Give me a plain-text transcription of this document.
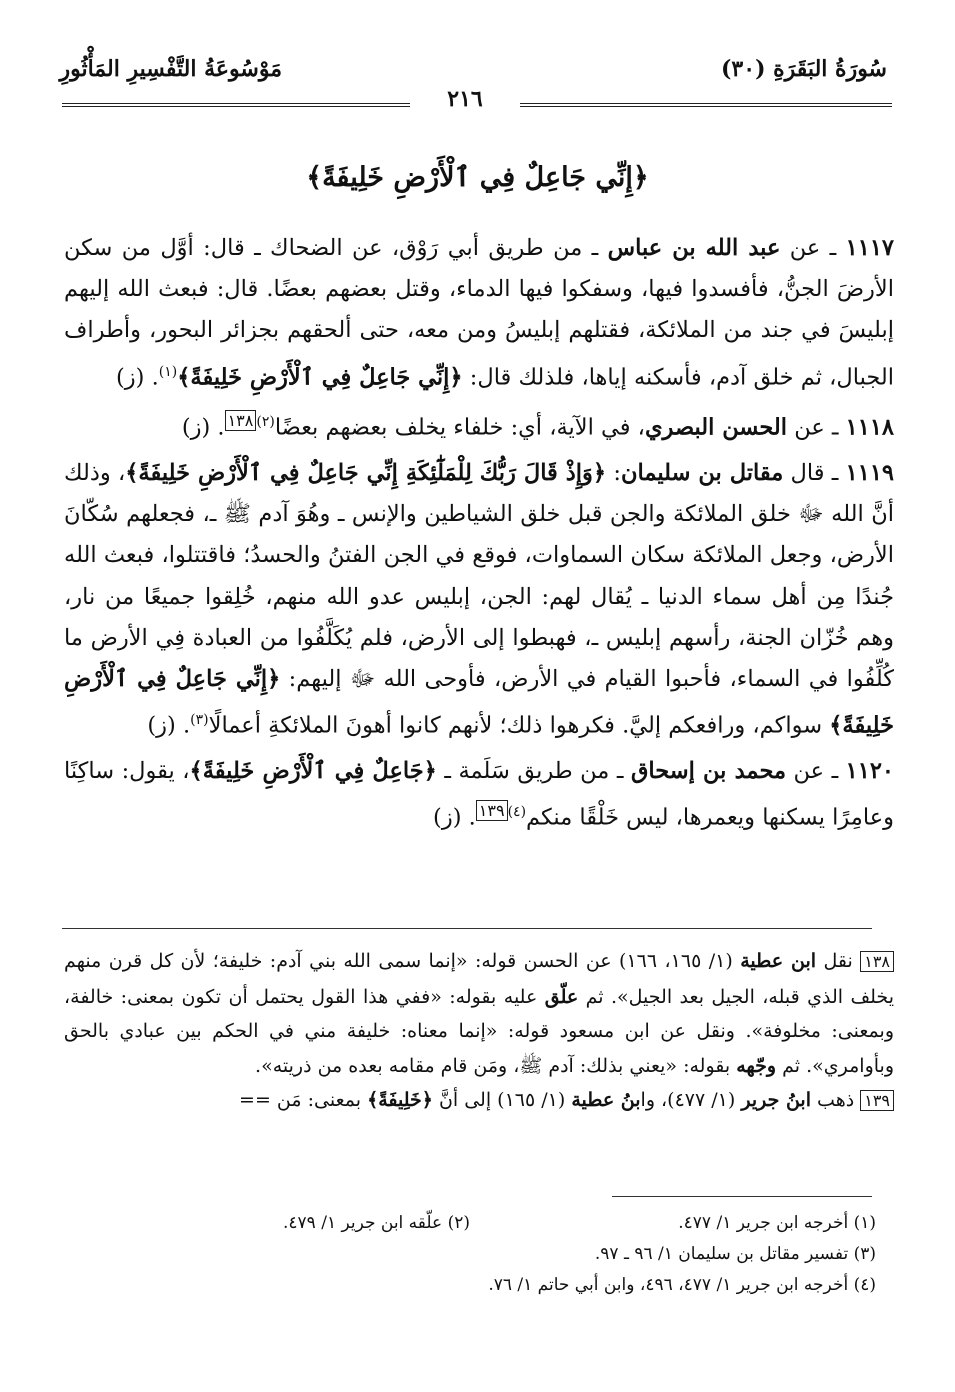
سُورَةُ البَقَرَةِ (٣٠)
مَوْسُوعَةُ التَّفْسِيرِ المَأْثُورِ
٢١٦
﴿إِنِّي جَاعِلٌ فِي ٱلْأَرْضِ خَلِيفَةً﴾

١١١٧ ـ عن عبد الله بن عباس ـ من طريق أبي رَوْق، عن الضحاك ـ قال: أوَّل من سكن الأرضَ الجنُّ، فأفسدوا فيها، وسفكوا فيها الدماء، وقتل بعضهم بعضًا. قال: فبعث الله إليهم إبليسَ في جند من الملائكة، فقتلهم إبليسُ ومن معه، حتى ألحقهم بجزائر البحور، وأطراف الجبال، ثم خلق آدم، فأسكنه إياها، فلذلك قال: ﴿إِنِّي جَاعِلٌ فِي ٱلْأَرْضِ خَلِيفَةً﴾$^{(١)}$. (ز)

١١١٨ ـ عن الحسن البصري، في الآية، أي: خلفاء يخلف بعضهم بعضًا$^{(٢)١٣٨}$. (ز)

١١١٩ ـ قال مقاتل بن سليمان: ﴿وَإِذْ قَالَ رَبُّكَ لِلْمَلَٰٓئِكَةِ إِنِّي جَاعِلٌ فِي ٱلْأَرْضِ خَلِيفَةً﴾، وذلك أنَّ الله ﷻ خلق الملائكة والجن قبل خلق الشياطين والإنس ـ وهُوَ آدم ﷺ ـ، فجعلهم سُكّانَ الأرض، وجعل الملائكة سكان السماوات، فوقع في الجن الفتنُ والحسدُ؛ فاقتتلوا، فبعث الله جُندًا مِن أهل سماء الدنيا ـ يُقال لهم: الجن، إبليس عدو الله منهم، خُلِقوا جميعًا من نار، وهم خُزّان الجنة، رأسهم إبليس ـ، فهبطوا إلى الأرض، فلم يُكَلَّفُوا من العبادة فِي الأرض ما كُلِّفُوا في السماء، فأحبوا القيام في الأرض، فأوحى الله ﷻ إليهم: ﴿إِنِّي جَاعِلٌ فِي ٱلْأَرْضِ خَلِيفَةً﴾ سواكم، ورافعكم إليَّ. فكرهوا ذلك؛ لأنهم كانوا أهونَ الملائكةِ أعمالًا$^{(٣)}$. (ز)

١١٢٠ ـ عن محمد بن إسحاق ـ من طريق سَلَمة ـ ﴿جَاعِلٌ فِي ٱلْأَرْضِ خَلِيفَةً﴾، يقول: ساكِنًا وعامِرًا يسكنها ويعمرها، ليس خَلْقًا منكم$^{(٤)١٣٩}$. (ز)

١٣٨ نقل ابن عطية (١/ ١٦٥، ١٦٦) عن الحسن قوله: «إنما سمى الله بني آدم: خليفة؛ لأن كل قرن منهم يخلف الذي قبله، الجيل بعد الجيل». ثم علّق عليه بقوله: «ففي هذا القول يحتمل أن تكون بمعنى: خالفة، وبمعنى: مخلوفة». ونقل عن ابن مسعود قوله: «إنما معناه: خليفة مني في الحكم بين عبادي بالحق وبأوامري». ثم وجّهه بقوله: «يعني بذلك: آدم ﷺ، ومَن قام مقامه بعده من ذريته».

١٣٩ ذهب ابنُ جرير (١/ ٤٧٧)، وابنُ عطية (١/ ١٦٥) إلى أنَّ ﴿خَلِيفَةً﴾ بمعنى: مَن ==

(١) أخرجه ابن جرير ١/ ٤٧٧.
(٢) علّقه ابن جرير ١/ ٤٧٩.
(٣) تفسير مقاتل بن سليمان ١/ ٩٦ ـ ٩٧.
(٤) أخرجه ابن جرير ١/ ٤٧٧، ٤٩٦، وابن أبي حاتم ١/ ٧٦.
